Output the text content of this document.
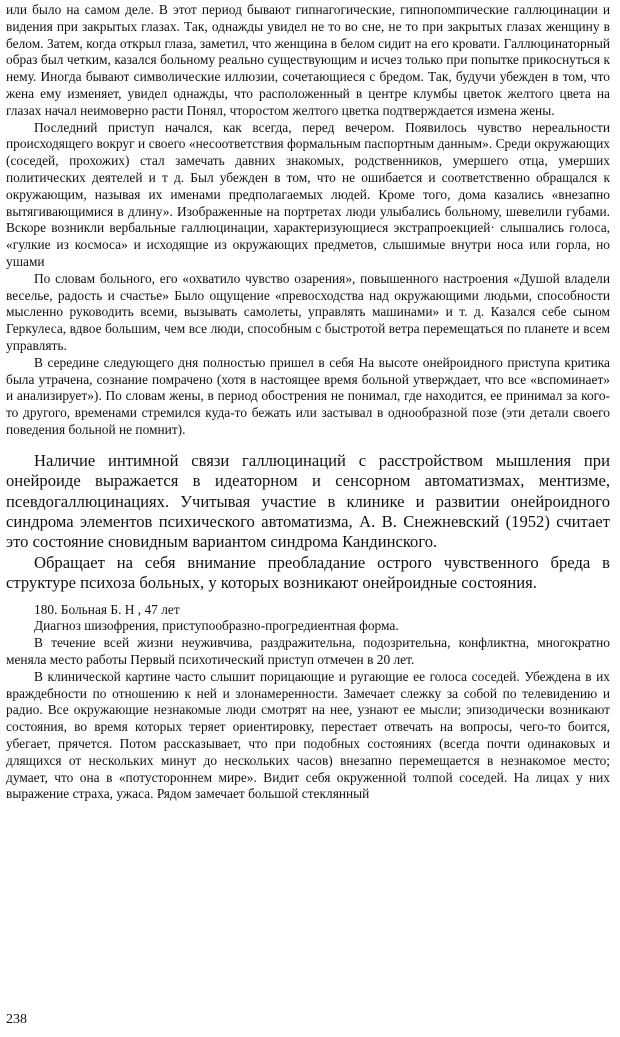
или было на самом деле. В этот период бывают гипнагогические, гипнопомпические галлюцинации и видения при закрытых глазах. Так, однажды увидел не то во сне, не то при закрытых глазах женщину в белом. Затем, когда открыл глаза, заметил, что женщина в белом сидит на его кровати. Галлюцинаторный образ был четким, казался больному реально существующим и исчез только при попытке прикоснуться к нему. Иногда бывают символические иллюзии, сочетающиеся с бредом. Так, будучи убежден в том, что жена ему изменяет, увидел однажды, что расположенный в центре клумбы цветок желтого цвета на глазах начал неимоверно расти Понял, чторостом желтого цветка подтверждается измена жены.

Последний приступ начался, как всегда, перед вечером. Появилось чувство нереальности происходящего вокруг и своего «несоответствия формальным паспортным данным». Среди окружающих (соседей, прохожих) стал замечать давних знакомых, родственников, умершего отца, умерших политических деятелей и т д. Был убежден в том, что не ошибается и соответственно обращался к окружающим, называя их именами предполагаемых людей. Кроме того, дома казались «внезапно вытягивающимися в длину». Изображенные на портретах люди улыбались больному, шевелили губами. Вскоре возникли вербальные галлюцинации, характеризующиеся экстрапроекцией· слышались голоса, «гулкие из космоса» и исходящие из окружающих предметов, слышимые внутри носа или горла, но ушами

По словам больного, его «охватило чувство озарения», повышенного настроения «Душой владели веселье, радость и счастье» Было ощущение «превосходства над окружающими людьми, способности мысленно руководить всеми, вызывать самолеты, управлять машинами» и т. д. Казался себе сыном Геркулеса, вдвое большим, чем все люди, способным с быстротой ветра перемещаться по планете и всем управлять.

В середине следующего дня полностью пришел в себя На высоте онейроидного приступа критика была утрачена, сознание помрачено (хотя в настоящее время больной утверждает, что все «вспоминает» и анализирует»). По словам жены, в период обострения не понимал, где находится, ее принимал за кого-то другого, временами стремился куда-то бежать или застывал в однообразной позе (эти детали своего поведения больной не помнит).

Наличие интимной связи галлюцинаций с расстройством мышления при онейроиде выражается в идеаторном и сенсорном автоматизмах, ментизме, псевдогаллюцинациях. Учитывая участие в клинике и развитии онейроидного синдрома элементов психического автоматизма, А. В. Снежневский (1952) считает это состояние сновидным вариантом синдрома Кандинского.

Обращает на себя внимание преобладание острого чувственного бреда в структуре психоза больных, у которых возникают онейроидные состояния.

180. Больная Б. Н , 47 лет

Диагноз шизофрения, приступообразно-прогредиентная форма.

В течение всей жизни неуживчива, раздражительна, подозрительна, конфликтна, многократно меняла место работы Первый психотический приступ отмечен в 20 лет.

В клинической картине часто слышит порицающие и ругающие ее голоса соседей. Убеждена в их враждебности по отношению к ней и злонамеренности. Замечает слежку за собой по телевидению и радио. Все окружающие незнакомые люди смотрят на нее, узнают ее мысли; эпизодически возникают состояния, во время которых теряет ориентировку, перестает отвечать на вопросы, чего-то боится, убегает, прячется. Потом рассказывает, что при подобных состояниях (всегда почти одинаковых и длящихся от нескольких минут до нескольких часов) внезапно перемещается в незнакомое место; думает, что она в «потустороннем мире». Видит себя окруженной толпой соседей. На лицах у них выражение страха, ужаса. Рядом замечает большой стеклянный

238
